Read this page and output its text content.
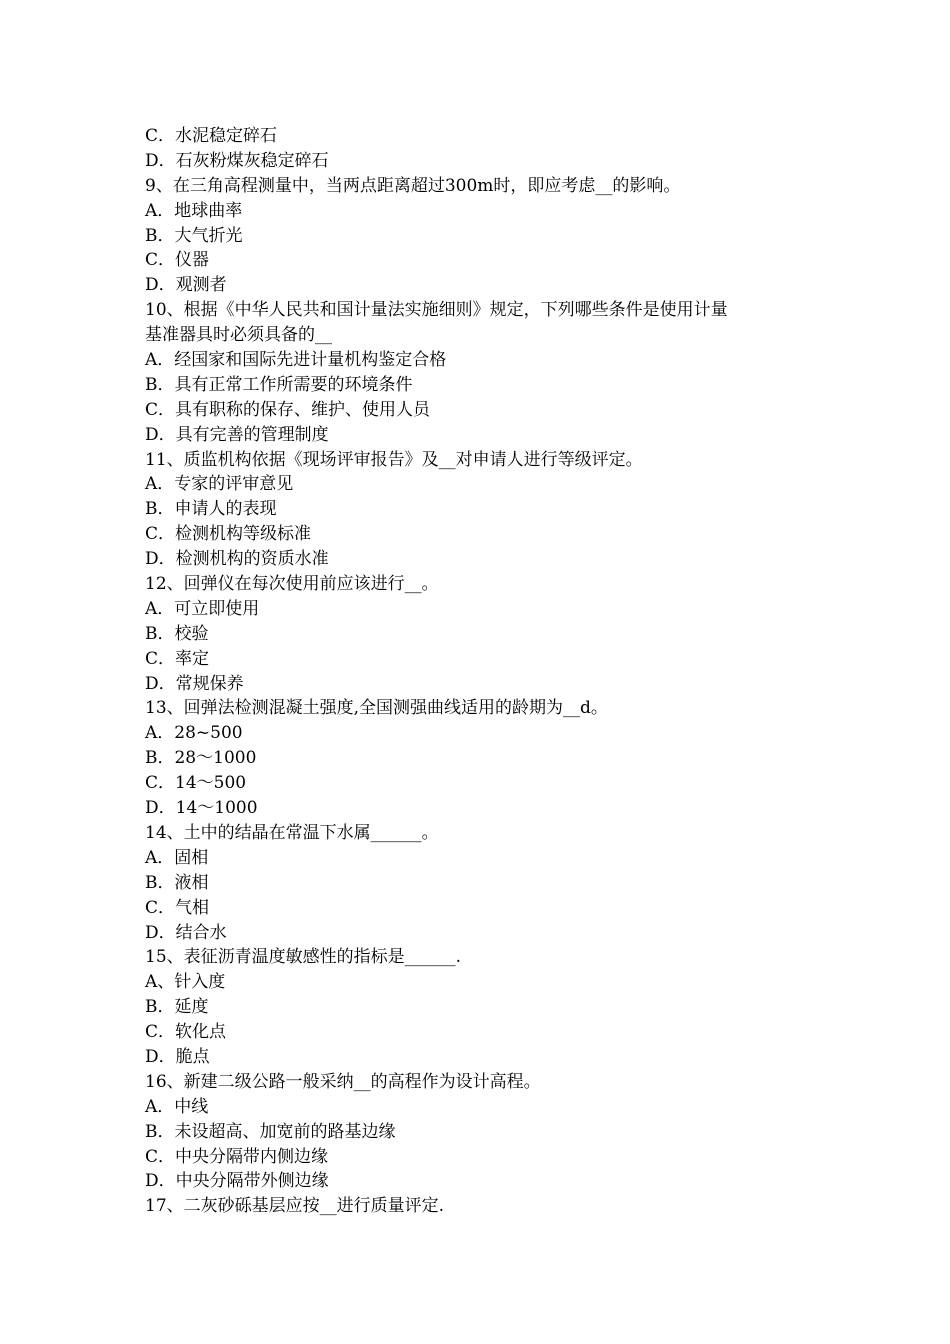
C．水泥稳定碎石
D．石灰粉煤灰稳定碎石
9、在三角高程测量中，当两点距离超过300m时，即应考虑__的影响。
A．地球曲率
B．大气折光
C．仪器
D．观测者
10、根据《中华人民共和国计量法实施细则》规定，下列哪些条件是使用计量
基准器具时必须具备的__
A．经国家和国际先进计量机构鉴定合格
B．具有正常工作所需要的环境条件
C．具有职称的保存、维护、使用人员
D．具有完善的管理制度
11、质监机构依据《现场评审报告》及__对申请人进行等级评定。
A．专家的评审意见
B．申请人的表现
C．检测机构等级标准
D．检测机构的资质水准
12、回弹仪在每次使用前应该进行__。
A．可立即使用
B．校验
C．率定
D．常规保养
13、回弹法检测混凝土强度,全国测强曲线适用的龄期为__d。
A．28~500
B．28～1000
C．14～500
D．14～1000
14、土中的结晶在常温下水属______。
A．固相
B．液相
C．气相
D．结合水
15、表征沥青温度敏感性的指标是______.
A、针入度
B．延度
C．软化点
D．脆点
16、新建二级公路一般采纳__的高程作为设计高程。
A．中线
B．未设超高、加宽前的路基边缘
C．中央分隔带内侧边缘
D．中央分隔带外侧边缘
17、二灰砂砾基层应按__进行质量评定.
